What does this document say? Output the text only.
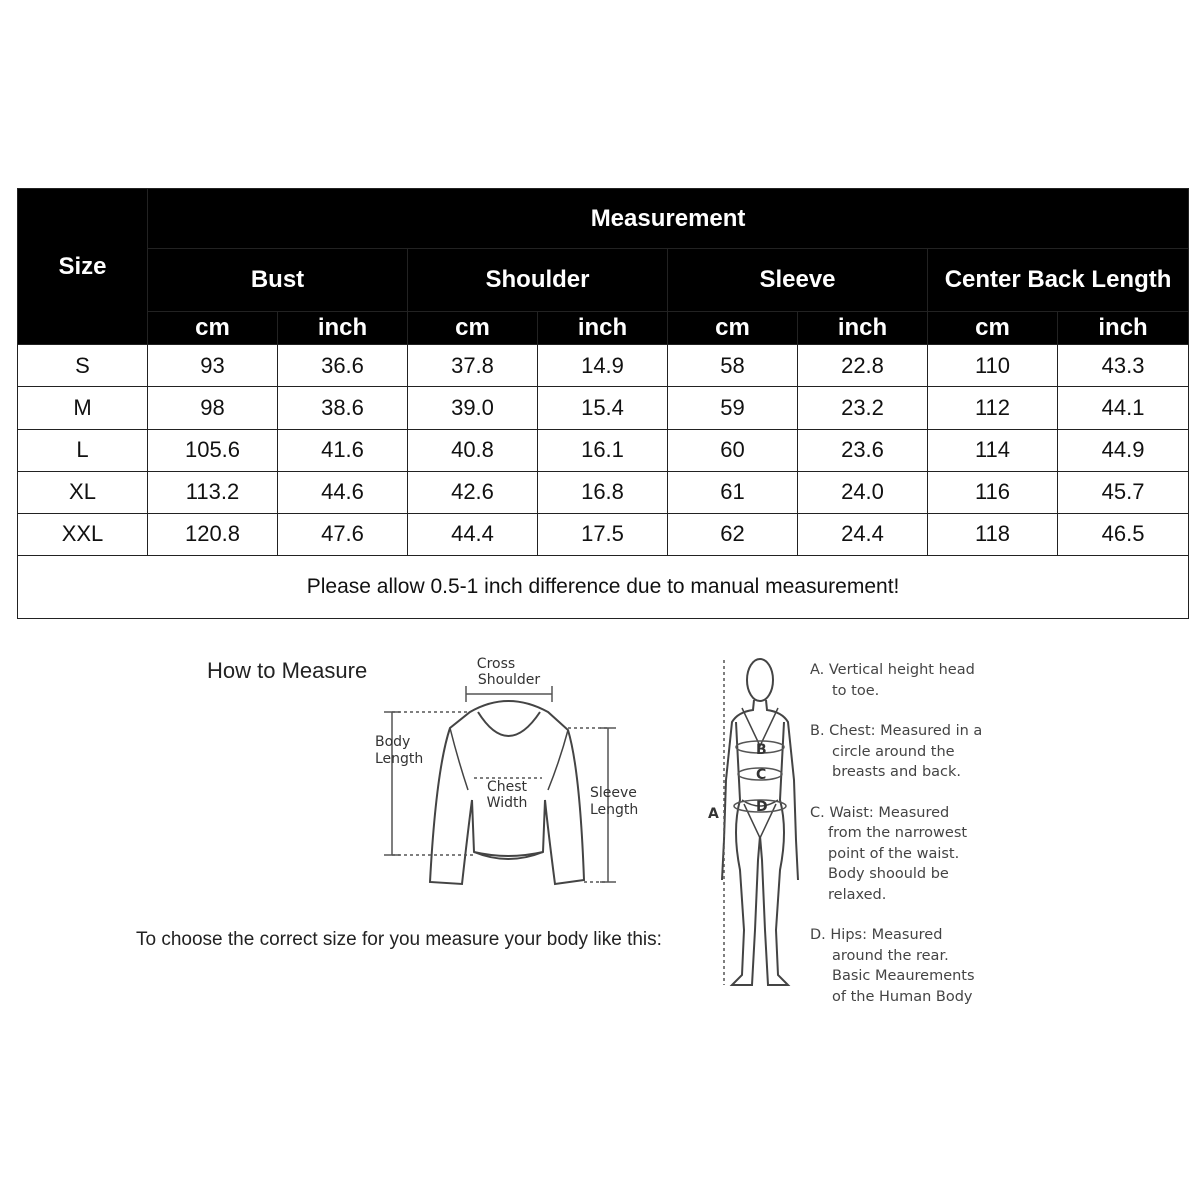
Size	Measurement							
	Bust		Shoulder		Sleeve		Center Back Length	
	cm	inch	cm	inch	cm	inch	cm	inch
S	93	36.6	37.8	14.9	58	22.8	110	43.3
M	98	38.6	39.0	15.4	59	23.2	112	44.1
L	105.6	41.6	40.8	16.1	60	23.6	114	44.9
XL	113.2	44.6	42.6	16.8	61	24.0	116	45.7
XXL	120.8	47.6	44.4	17.5	62	24.4	118	46.5
Please allow 0.5-1 inch difference due to manual measurement!								
How to Measure
To choose the correct size for you measure your body like this:
Cross
Shoulder
Body
Length
Chest
Width
Sleeve
Length
B
C
D
A
A. Vertical height head
to toe.
B. Chest: Measured in a
circle around the
breasts and back.
C. Waist: Measured
from the narrowest
point of the waist.
Body shoould be
relaxed.
D. Hips: Measured
around the rear.
Basic Meaurements
of the Human Body
